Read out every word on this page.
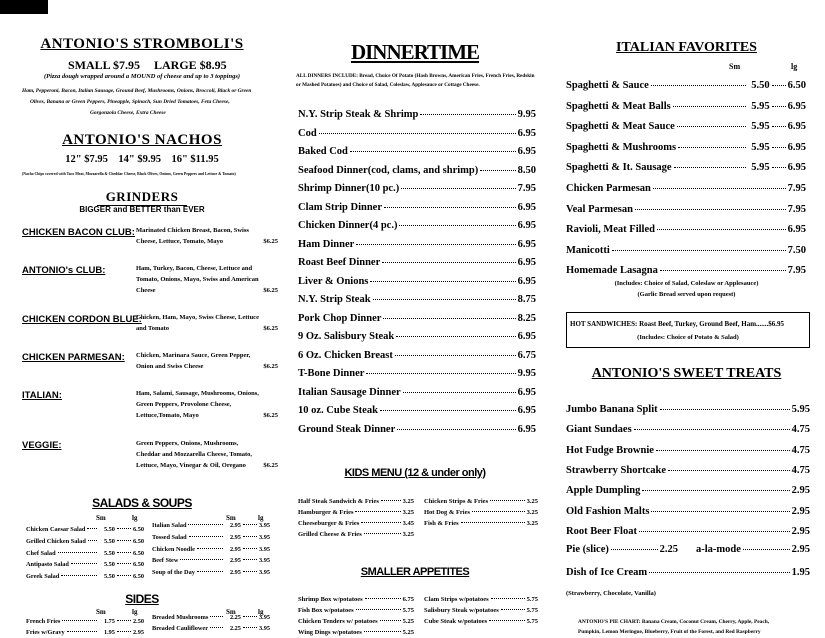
ANTONIO'S STROMBOLI'S
SMALL $7.95 LARGE $8.95
(Pizza dough wrapped around a MOUND of cheese and up to 3 toppings)
Ham, Pepperoni, Bacon, Italian Sausage, Ground Beef, Mushrooms, Onions, Broccoli, Black or Green
Olives, Banana or Green Peppers, Pineapple, Spinach, Sun Dried Tomatoes, Feta Cheese,
Gorgonzola Cheese, Extra Cheese
ANTONIO'S NACHOS
12" $7.95    14" $9.95    16" $11.95
(Nacho Chips covered with Taco Meat, Mozzarella & Cheddar Cheese, Black Olives, Onions, Green Peppers and Lettuce & Tomato)
GRINDERS
BIGGER and BETTER than EVER
CHICKEN BACON CLUB: Marinated Chicken Breast, Bacon, Swiss
Cheese, Lettuce, Tomato, Mayo	$6.25
ANTONIO's CLUB:	Ham, Turkey, Bacon, Cheese, Lettuce and
Tomato, Onions, Mayo, Swiss and American
Cheese	$6.25
CHICKEN CORDON BLUE:
Chicken, Ham, Mayo, Swiss Cheese, Lettuce
and Tomato	$6.25
CHICKEN PARMESAN: Chicken, Marinara Sauce, Green Pepper,
Onion and Swiss Cheese	$6.25
ITALIAN:	Ham, Salami, Sausage, Mushrooms, Onions,
Green Peppers, Provolone Cheese,
Lettuce,Tomato, Mayo	$6.25
VEGGIE:	Green Peppers, Onions, Mushrooms,
Cheddar and Mozzarella Cheese, Tomato,
Lettuce, Mayo, Vinegar & Oil, Oregano	$6.25
SALADS & SOUPS
Sm	lg	Sm	lg
Chicken Caesar Salad	5.50	6.50
Grilled Chicken Salad	5.50	6.50
Chef Salad	5.50	6.50
Antipasto Salad	5.50	6.50
Greek Salad	5.50	6.50
Italian Salad	2.95	3.95
Tossed Salad	2.95	3.95
Chicken Noodle	2.95	3.95
Beef Stew	2.95	3.95
Soup of the Day	2.95	3.95
SIDES
Sm	lg	Sm	lg
French Fries	1.75	2.50
Fries w/Gravy	1.95	2.95
Breaded Mushrooms	2.25	3.95
Breaded Cauliflower	2.25	3.95
DINNERTIME
ALL DINNERS INCLUDE: Bread, Choice Of Potato (Hash Browns, American Fries, French Fries, Redskin or Mashed Potatoes) and Choice of Salad, Coleslaw, Applesauce or Cottage Cheese.
N.Y. Strip Steak & Shrimp	9.95
Cod	6.95
Baked Cod	6.95
Seafood Dinner(cod, clams, and shrimp)	8.50
Shrimp Dinner(10 pc.)	7.95
Clam Strip Dinner	6.95
Chicken Dinner(4 pc.)	6.95
Ham Dinner	6.95
Roast Beef Dinner	6.95
Liver & Onions	6.95
N.Y. Strip Steak	8.75
Pork Chop Dinner	8.25
9 Oz. Salisbury Steak	6.95
6 Oz. Chicken Breast	6.75
T-Bone Dinner	9.95
Italian Sausage Dinner	6.95
10 oz. Cube Steak	6.95
Ground Steak Dinner	6.95
KIDS MENU (12 & under only)
Half Steak Sandwich & Fries	3.25
Hamburger & Fries	3.25
Cheeseburger & Fries	3.45
Grilled Cheese & Fries	3.25
Chicken Strips & Fries	3.25
Hot Dog & Fries	3.25
Fish & Fries	3.25
SMALLER APPETITES
Shrimp Box w/potatoes	6.75
Fish Box w/potatoes	5.75
Chicken Tenders w/ potatoes	5.25
Wing Dings w/potatoes	5.25
Clam Strips w/potatoes	5.75
Salisbury Steak w/potatoes	5.75
Cube Steak w/potatoes	5.75
ITALIAN FAVORITES
Sm	lg
Spaghetti & Sauce	5.50 6.50
Spaghetti & Meat Balls	5.95 6.95
Spaghetti & Meat Sauce	5.95 6.95
Spaghetti & Mushrooms	5.95 6.95
Spaghetti & It. Sausage	5.95 6.95
Chicken Parmesan	7.95
Veal Parmesan	7.95
Ravioli, Meat Filled	6.95
Manicotti	7.50
Homemade Lasagna	7.95
(Includes: Choice of Salad, Coleslaw or Applesauce)
(Garlic Bread served upon request)
HOT SANDWICHES: Roast Beef, Turkey, Ground Beef, Ham.......$6.95
(Includes: Choice of Potato & Salad)
ANTONIO'S SWEET TREATS
Jumbo Banana Split	5.95
Giant Sundaes	4.75
Hot Fudge Brownie	4.75
Strawberry Shortcake	4.75
Apple Dumpling	2.95
Old Fashion Malts	2.95
Root Beer Float	2.95
Pie (slice)	2.25 a-la-mode	2.95
Dish of Ice Cream	1.95
(Strawberry, Chocolate, Vanilla)
ANTONIO'S PIE CHART: Banana Cream, Coconut Cream, Cherry, Apple, Peach,
Pumpkin, Lemon Meringue, Blueberry, Fruit of the Forest, and Red Raspberry
